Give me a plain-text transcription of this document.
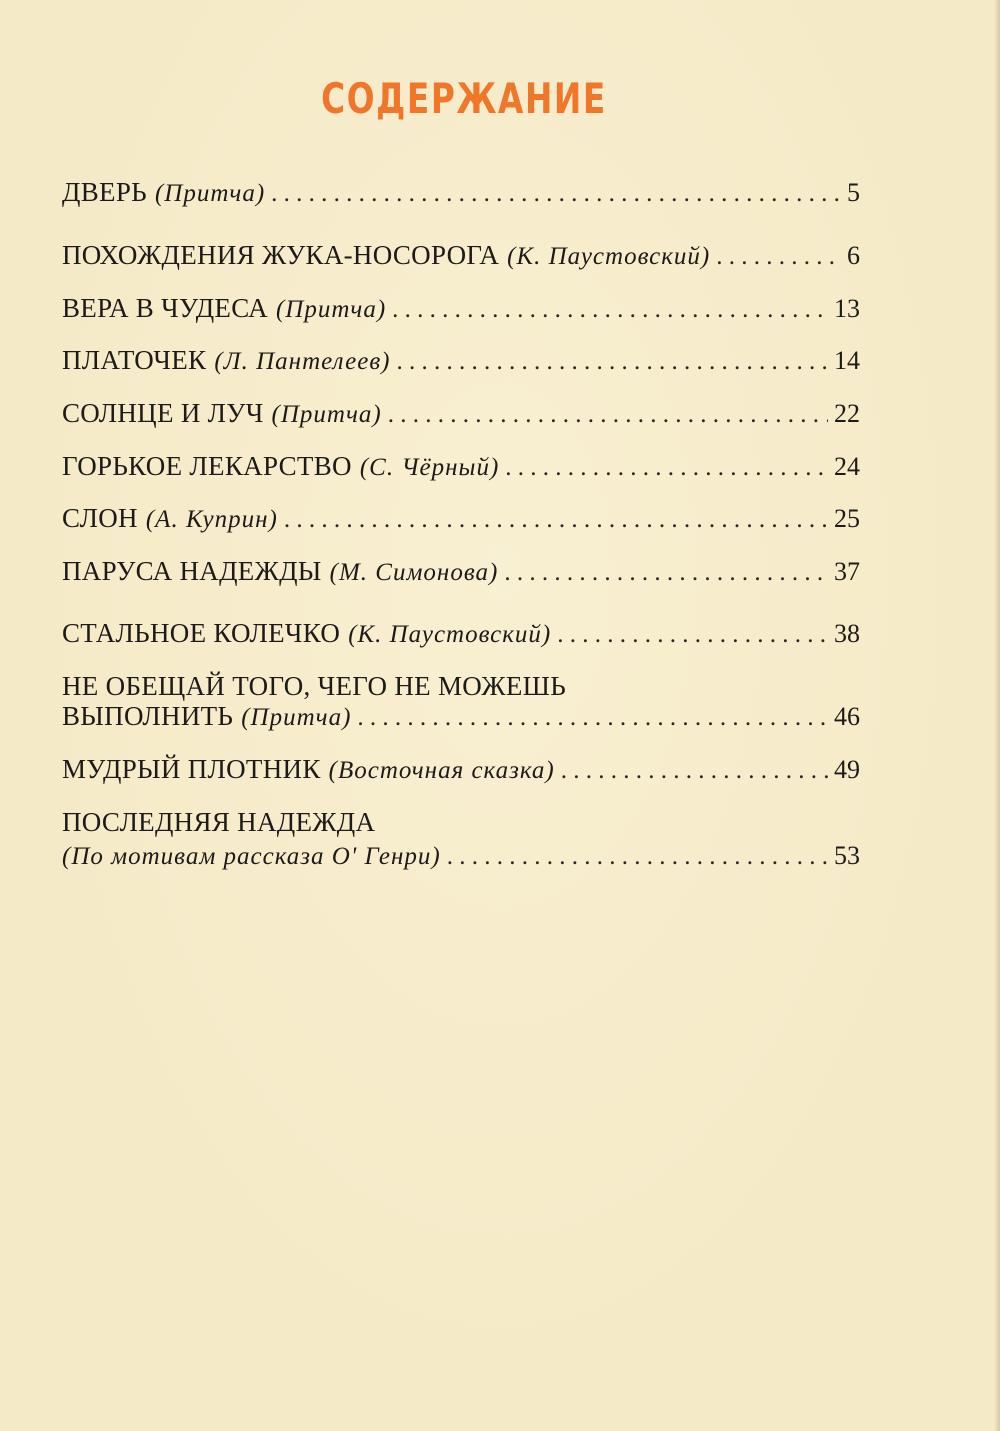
СОДЕРЖАНИЕ
ДВЕРЬ (Притча) . . .	5
ПОХОЖДЕНИЯ ЖУКА-НОСОРОГА (К. Паустовский) . . .	6
ВЕРА В ЧУДЕСА (Притча) . . .	13
ПЛАТОЧЕК (Л. Пантелеев) . . .	14
СОЛНЦЕ И ЛУЧ (Притча) . . .	22
ГОРЬКОЕ ЛЕКАРСТВО (С. Чёрный) . . .	24
СЛОН (А. Куприн) . . .	25
ПАРУСА НАДЕЖДЫ (М. Симонова) . . .	37
СТАЛЬНОЕ КОЛЕЧКО (К. Паустовский) . . .	38
НЕ ОБЕЩАЙ ТОГО, ЧЕГО НЕ МОЖЕШЬ
ВЫПОЛНИТЬ (Притча) . . .	46
МУДРЫЙ ПЛОТНИК (Восточная сказка) . . .	49
ПОСЛЕДНЯЯ НАДЕЖДА
(По мотивам рассказа О' Генри) . . .	53
